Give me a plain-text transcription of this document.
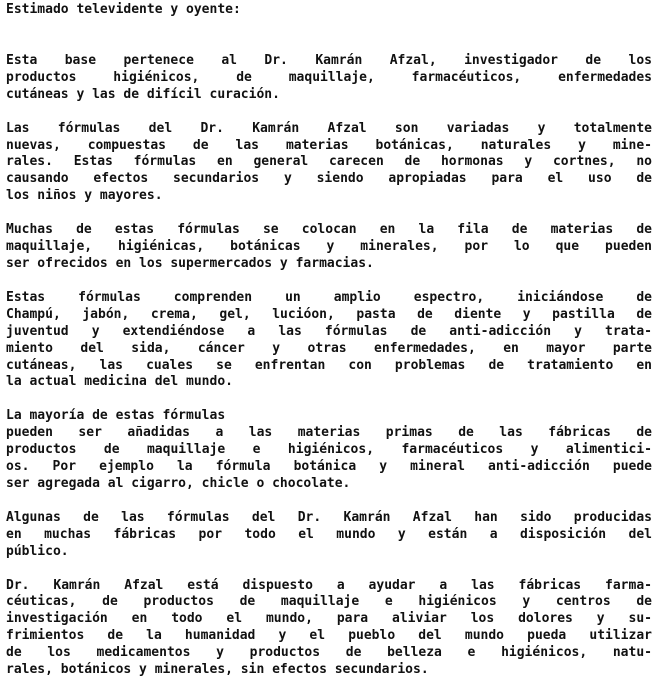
Estimado televidente y oyente:

Esta base pertenece al Dr. Kamrán Afzal, investigador de los
productos higiénicos, de maquillaje, farmacéuticos, enfermedades
cutáneas y las de difícil curación.
Las fórmulas del Dr. Kamrán Afzal son variadas y totalmente
nuevas, compuestas de las materias botánicas, naturales y mine-
rales. Estas fórmulas en general carecen de hormonas y cortnes, no
causando efectos secundarios y siendo apropiadas para el uso de
los niños y mayores.
Muchas de estas fórmulas se colocan en la fila de materias de
maquillaje, higiénicas, botánicas y minerales, por lo que pueden
ser ofrecidos en los supermercados y farmacias.
Estas fórmulas comprenden un amplio espectro, iniciándose de
Champú, jabón, crema, gel, lucióon, pasta de diente y pastilla de
juventud y extendiéndose a las fórmulas de anti-adicción y trata-
miento del sida, cáncer y otras enfermedades, en mayor parte
cutáneas, las cuales se enfrentan con problemas de tratamiento en
la actual medicina del mundo.
La mayoría de estas fórmulas
pueden ser añadidas a las materias primas de las fábricas de
productos de maquillaje e higiénicos, farmacéuticos y alimentici-
os. Por ejemplo la fórmula botánica y mineral anti-adicción puede
ser agregada al cigarro, chicle o chocolate.
Algunas de las fórmulas del Dr. Kamrán Afzal han sido producidas
en muchas fábricas por todo el mundo y están a disposición del
público.
Dr. Kamrán Afzal está dispuesto a ayudar a las fábricas farma-
céuticas, de productos de maquillaje e higiénicos y centros de
investigación en todo el mundo, para aliviar los dolores y su-
frimientos de la humanidad y el pueblo del mundo pueda utilizar
de los medicamentos y productos de belleza e higiénicos, natu-
rales, botánicos y minerales, sin efectos secundarios.
